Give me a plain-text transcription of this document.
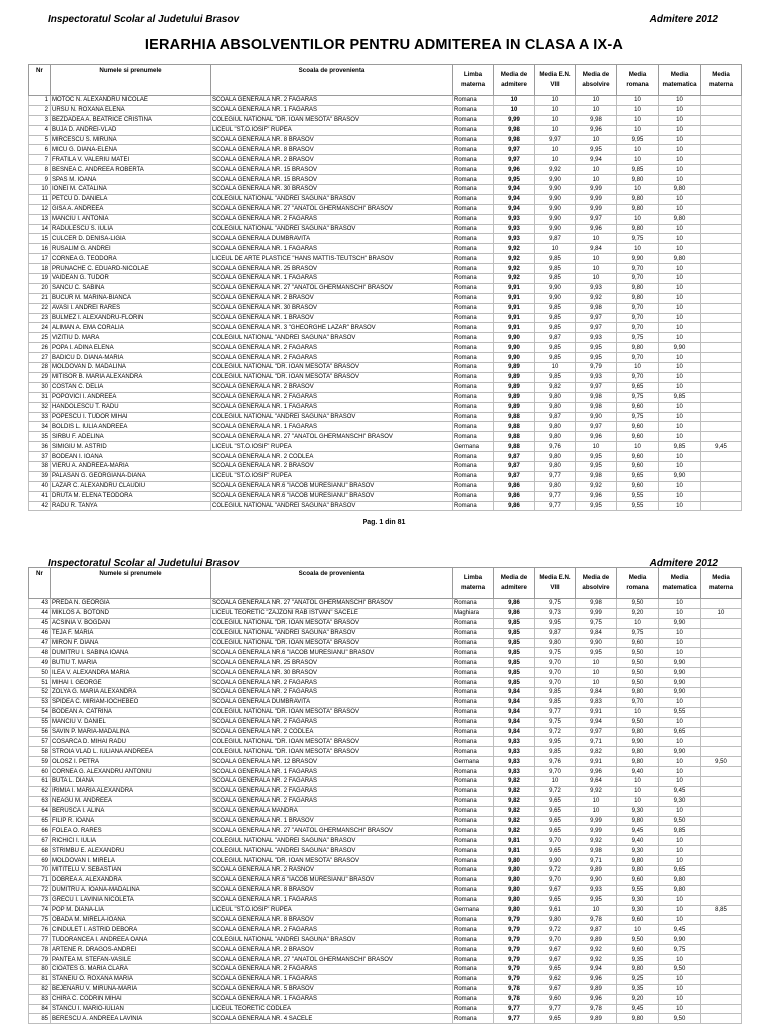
Inspectoratul Scolar al Judetului Brasov	Admitere 2012
IERARHIA ABSOLVENTILOR PENTRU ADMITEREA IN CLASA A IX-A
Nr	Numele si prenumele	Scoala de provenienta	Limba materna	Media de admitere	Media E.N. VIII	Media de absolvire	Media romana	Media matematica	Media materna
1	MOTOC N. ALEXANDRU NICOLAE	SCOALA GENERALA NR. 2 FAGARAS	Romana	10	10	10	10	10	
2	URSU N. ROXANA ELENA	SCOALA GENERALA NR. 1 FAGARAS	Romana	10	10	10	10	10	
3	BEZDADEA A. BEATRICE CRISTINA	COLEGIUL NATIONAL "DR. IOAN MESOTA" BRASOV	Romana	9,99	10	9,98	10	10	
4	BUJA D. ANDREI-VLAD	LICEUL "ST.O.IOSIF" RUPEA	Romana	9,98	10	9,96	10	10	
5	MIRCESCU S. MIRUNA	SCOALA GENERALA NR. 8 BRASOV	Romana	9,98	9,97	10	9,95	10	
6	MICU G. DIANA-ELENA	SCOALA GENERALA NR. 8 BRASOV	Romana	9,97	10	9,95	10	10	
7	FRATILA V. VALERIU MATEI	SCOALA GENERALA NR. 2 BRASOV	Romana	9,97	10	9,94	10	10	
8	BESNEA C. ANDREEA ROBERTA	SCOALA GENERALA NR. 15 BRASOV	Romana	9,96	9,92	10	9,85	10	
9	SPAS M. IOANA	SCOALA GENERALA NR. 15 BRASOV	Romana	9,95	9,90	10	9,80	10	
10	IONEI M. CATALINA	SCOALA GENERALA NR. 30 BRASOV	Romana	9,94	9,90	9,99	10	9,80	
11	PETCU D. DANIELA	COLEGIUL NATIONAL "ANDREI SAGUNA" BRASOV	Romana	9,94	9,90	9,99	9,80	10	
12	GISA A. ANDREEA	SCOALA GENERALA NR. 27 "ANATOL GHERMANSCHI" BRASOV	Romana	9,94	9,90	9,99	9,80	10	
13	MANCIU I. ANTONIA	SCOALA GENERALA NR. 2 FAGARAS	Romana	9,93	9,90	9,97	10	9,80	
14	RADULESCU S. IULIA	COLEGIUL NATIONAL "ANDREI SAGUNA" BRASOV	Romana	9,93	9,90	9,96	9,80	10	
15	CULCER D. DENISA-LIGIA	SCOALA GENERALA DUMBRAVITA	Romana	9,93	9,87	10	9,75	10	
16	RUSALIM G. ANDREI	SCOALA GENERALA NR. 1 FAGARAS	Romana	9,92	10	9,84	10	10	
17	CORNEA G. TEODORA	LICEUL DE ARTE PLASTICE "HANS MATTIS-TEUTSCH" BRASOV	Romana	9,92	9,85	10	9,90	9,80	
18	PRUNACHE C. EDUARD-NICOLAE	SCOALA GENERALA NR. 25 BRASOV	Romana	9,92	9,85	10	9,70	10	
19	VAIDEAN G. TUDOR	SCOALA GENERALA NR. 1 FAGARAS	Romana	9,92	9,85	10	9,70	10	
20	SANCU C. SABINA	SCOALA GENERALA NR. 27 "ANATOL GHERMANSCHI" BRASOV	Romana	9,91	9,90	9,93	9,80	10	
21	BUCUR M. MARINA-BIANCA	SCOALA GENERALA NR. 2 BRASOV	Romana	9,91	9,90	9,92	9,80	10	
22	AVASI I. ANDREI RARES	SCOALA GENERALA NR. 30 BRASOV	Romana	9,91	9,85	9,98	9,70	10	
23	BULMEZ I. ALEXANDRU-FLORIN	SCOALA GENERALA NR. 1 BRASOV	Romana	9,91	9,85	9,97	9,70	10	
24	ALIMAN A. EMA CORALIA	SCOALA GENERALA NR. 3 "GHEORGHE LAZAR" BRASOV	Romana	9,91	9,85	9,97	9,70	10	
25	VIZITIU D. MARA	COLEGIUL NATIONAL "ANDREI SAGUNA" BRASOV	Romana	9,90	9,87	9,93	9,75	10	
26	POPA I. ADINA ELENA	SCOALA GENERALA NR. 2 FAGARAS	Romana	9,90	9,85	9,95	9,80	9,90	
27	BADICU D. DIANA-MARIA	SCOALA GENERALA NR. 2 FAGARAS	Romana	9,90	9,85	9,95	9,70	10	
28	MOLDOVAN D. MADALINA	COLEGIUL NATIONAL "DR. IOAN MESOTA" BRASOV	Romana	9,89	10	9,79	10	10	
29	MITISOR B. MARIA ALEXANDRA	COLEGIUL NATIONAL "DR. IOAN MESOTA" BRASOV	Romana	9,89	9,85	9,93	9,70	10	
30	COSTAN C. DELIA	SCOALA GENERALA NR. 2 BRASOV	Romana	9,89	9,82	9,97	9,65	10	
31	POPOVICI I. ANDREEA	SCOALA GENERALA NR. 2 FAGARAS	Romana	9,89	9,80	9,98	9,75	9,85	
32	HANDOLESCU T. RADU	SCOALA GENERALA NR. 1 FAGARAS	Romana	9,89	9,80	9,98	9,60	10	
33	POPESCU I. TUDOR MIHAI	COLEGIUL NATIONAL "ANDREI SAGUNA" BRASOV	Romana	9,88	9,87	9,90	9,75	10	
34	BOLDIS L. IULIA ANDREEA	SCOALA GENERALA NR. 1 FAGARAS	Romana	9,88	9,80	9,97	9,60	10	
35	SIRBU F. ADELINA	SCOALA GENERALA NR. 27 "ANATOL GHERMANSCHI" BRASOV	Romana	9,88	9,80	9,96	9,60	10	
36	SIMIGIU M. ASTRID	LICEUL "ST.O.IOSIF" RUPEA	Germana	9,88	9,76	10	10	9,85	9,45
37	BODEAN I. IOANA	SCOALA GENERALA NR. 2 CODLEA	Romana	9,87	9,80	9,95	9,60	10	
38	VIERU A. ANDREEA-MARIA	SCOALA GENERALA NR. 2 BRASOV	Romana	9,87	9,80	9,95	9,60	10	
39	PALASAN G. GEORGIANA-DIANA	LICEUL "ST.O.IOSIF" RUPEA	Romana	9,87	9,77	9,98	9,65	9,90	
40	LAZAR C. ALEXANDRU CLAUDIU	SCOALA GENERALA NR.6 "IACOB MURESIANU" BRASOV	Romana	9,86	9,80	9,92	9,60	10	
41	DRUTA M. ELENA TEODORA	SCOALA GENERALA NR.6 "IACOB MURESIANU" BRASOV	Romana	9,86	9,77	9,96	9,55	10	
42	RADU R. TANYA	COLEGIUL NATIONAL "ANDREI SAGUNA" BRASOV	Romana	9,86	9,77	9,95	9,55	10	
Pag. 1 din 81
Inspectoratul Scolar al Judetului Brasov	Admitere 2012
Nr	Numele si prenumele	Scoala de provenienta	Limba materna	Media de admitere	Media E.N. VIII	Media de absolvire	Media romana	Media matematica	Media materna
43	PREDA N. GEORGIA	SCOALA GENERALA NR. 27 "ANATOL GHERMANSCHI" BRASOV	Romana	9,86	9,75	9,98	9,50	10	
44	MIKLOS A. BOTOND	LICEUL TEORETIC "ZAJZONI RAB ISTVAN" SACELE	Maghiara	9,86	9,73	9,99	9,20	10	10
45	ACSINIA V. BOGDAN	COLEGIUL NATIONAL "DR. IOAN MESOTA" BRASOV	Romana	9,85	9,95	9,75	10	9,90	
46	TEJA F. MARIA	COLEGIUL NATIONAL "ANDREI SAGUNA" BRASOV	Romana	9,85	9,87	9,84	9,75	10	
47	MIRON F. DIANA	COLEGIUL NATIONAL "DR. IOAN MESOTA" BRASOV	Romana	9,85	9,80	9,90	9,60	10	
48	DUMITRU I. SABINA IOANA	SCOALA GENERALA NR.6 "IACOB MURESIANU" BRASOV	Romana	9,85	9,75	9,95	9,50	10	
49	BUTIU T. MARIA	SCOALA GENERALA NR. 25 BRASOV	Romana	9,85	9,70	10	9,50	9,90	
50	ILEA V. ALEXANDRA MARIA	SCOALA GENERALA NR. 30 BRASOV	Romana	9,85	9,70	10	9,50	9,90	
51	MIHAI I. GEORGE	SCOALA GENERALA NR. 2 FAGARAS	Romana	9,85	9,70	10	9,50	9,90	
52	ZOLYA G. MARIA ALEXANDRA	SCOALA GENERALA NR. 2 FAGARAS	Romana	9,84	9,85	9,84	9,80	9,90	
53	SPIDEA C. MIRIAM-IOCHEBEO	SCOALA GENERALA DUMBRAVITA	Romana	9,84	9,85	9,83	9,70	10	
54	BODEAN A. CATRINA	COLEGIUL NATIONAL "DR. IOAN MESOTA" BRASOV	Romana	9,84	9,77	9,91	10	9,55	
55	MANCIU V. DANIEL	SCOALA GENERALA NR. 2 FAGARAS	Romana	9,84	9,75	9,94	9,50	10	
56	SAVIN P. MARIA-MADALINA	SCOALA GENERALA NR. 2 CODLEA	Romana	9,84	9,72	9,97	9,80	9,65	
57	COSARCA D. MIHAI RADU	COLEGIUL NATIONAL "DR. IOAN MESOTA" BRASOV	Romana	9,83	9,95	9,71	9,90	10	
58	STROIA VLAD L. IULIANA ANDREEA	COLEGIUL NATIONAL "DR. IOAN MESOTA" BRASOV	Romana	9,83	9,85	9,82	9,80	9,90	
59	OLOSZ I. PETRA	SCOALA GENERALA NR. 12 BRASOV	Germana	9,83	9,76	9,91	9,80	10	9,50
60	CORNEA G. ALEXANDRU ANTONIU	SCOALA GENERALA NR. 1 FAGARAS	Romana	9,83	9,70	9,96	9,40	10	
61	BUTA L. DIANA	SCOALA GENERALA NR. 2 FAGARAS	Romana	9,82	10	9,64	10	10	
62	IRIMIA I. MARIA ALEXANDRA	SCOALA GENERALA NR. 2 FAGARAS	Romana	9,82	9,72	9,92	10	9,45	
63	NEAGU M. ANDREEA	SCOALA GENERALA NR. 2 FAGARAS	Romana	9,82	9,65	10	10	9,30	
64	BERUSCA I. ALINA	SCOALA GENERALA MANDRA	Romana	9,82	9,65	10	9,30	10	
65	FILIP R. IOANA	SCOALA GENERALA NR. 1 BRASOV	Romana	9,82	9,65	9,99	9,80	9,50	
66	FOLEA O. RARES	SCOALA GENERALA NR. 27 "ANATOL GHERMANSCHI" BRASOV	Romana	9,82	9,65	9,99	9,45	9,85	
67	RICHICI I. IULIA	COLEGIUL NATIONAL "ANDREI SAGUNA" BRASOV	Romana	9,81	9,70	9,92	9,40	10	
68	STRIMBU E. ALEXANDRU	COLEGIUL NATIONAL "ANDREI SAGUNA" BRASOV	Romana	9,81	9,65	9,98	9,30	10	
69	MOLDOVAN I. MIRELA	COLEGIUL NATIONAL "DR. IOAN MESOTA" BRASOV	Romana	9,80	9,90	9,71	9,80	10	
70	MITITELU V. SEBASTIAN	SCOALA GENERALA NR. 2 RASNOV	Romana	9,80	9,72	9,89	9,80	9,65	
71	DOBREA A. ALEXANDRA	SCOALA GENERALA NR.6 "IACOB MURESIANU" BRASOV	Romana	9,80	9,70	9,90	9,60	9,80	
72	DUMITRU A. IOANA-MADALINA	SCOALA GENERALA NR. 8 BRASOV	Romana	9,80	9,67	9,93	9,55	9,80	
73	GRECU I. LAVINIA NICOLETA	SCOALA GENERALA NR. 1 FAGARAS	Romana	9,80	9,65	9,95	9,30	10	
74	POP M. DIANA-LIA	LICEUL "ST.O.IOSIF" RUPEA	Germana	9,80	9,61	10	9,30	10	8,85
75	OBADA M. MIRELA-IOANA	SCOALA GENERALA NR. 8 BRASOV	Romana	9,79	9,80	9,78	9,60	10	
76	CINDULET I. ASTRID DEBORA	SCOALA GENERALA NR. 2 FAGARAS	Romana	9,79	9,72	9,87	10	9,45	
77	TUDORANCEA I. ANDREEA OANA	COLEGIUL NATIONAL "ANDREI SAGUNA" BRASOV	Romana	9,79	9,70	9,89	9,50	9,90	
78	ARTENE R. DRAGOS-ANDREI	SCOALA GENERALA NR. 2 BRASOV	Romana	9,79	9,67	9,92	9,60	9,75	
79	PANTEA M. STEFAN-VASILE	SCOALA GENERALA NR. 27 "ANATOL GHERMANSCHI" BRASOV	Romana	9,79	9,67	9,92	9,35	10	
80	CIOATES G. MARIA CLARA	SCOALA GENERALA NR. 2 FAGARAS	Romana	9,79	9,65	9,94	9,80	9,50	
81	STANEIU O. ROXANA MARIA	SCOALA GENERALA NR. 1 FAGARAS	Romana	9,79	9,62	9,96	9,25	10	
82	BEJENARU V. MIRUNA-MARIA	SCOALA GENERALA NR. 5 BRASOV	Romana	9,78	9,67	9,89	9,35	10	
83	CHIRA C. CODRIN MIHAI	SCOALA GENERALA NR. 1 FAGARAS	Romana	9,78	9,60	9,96	9,20	10	
84	STANCU I. MARIO-IULIAN	LICEUL TEORETIC CODLEA	Romana	9,77	9,77	9,78	9,45	10	
85	BERESCU A. ANDREEA LAVINIA	SCOALA GENERALA NR. 4 SACELE	Romana	9,77	9,65	9,89	9,80	9,50	
